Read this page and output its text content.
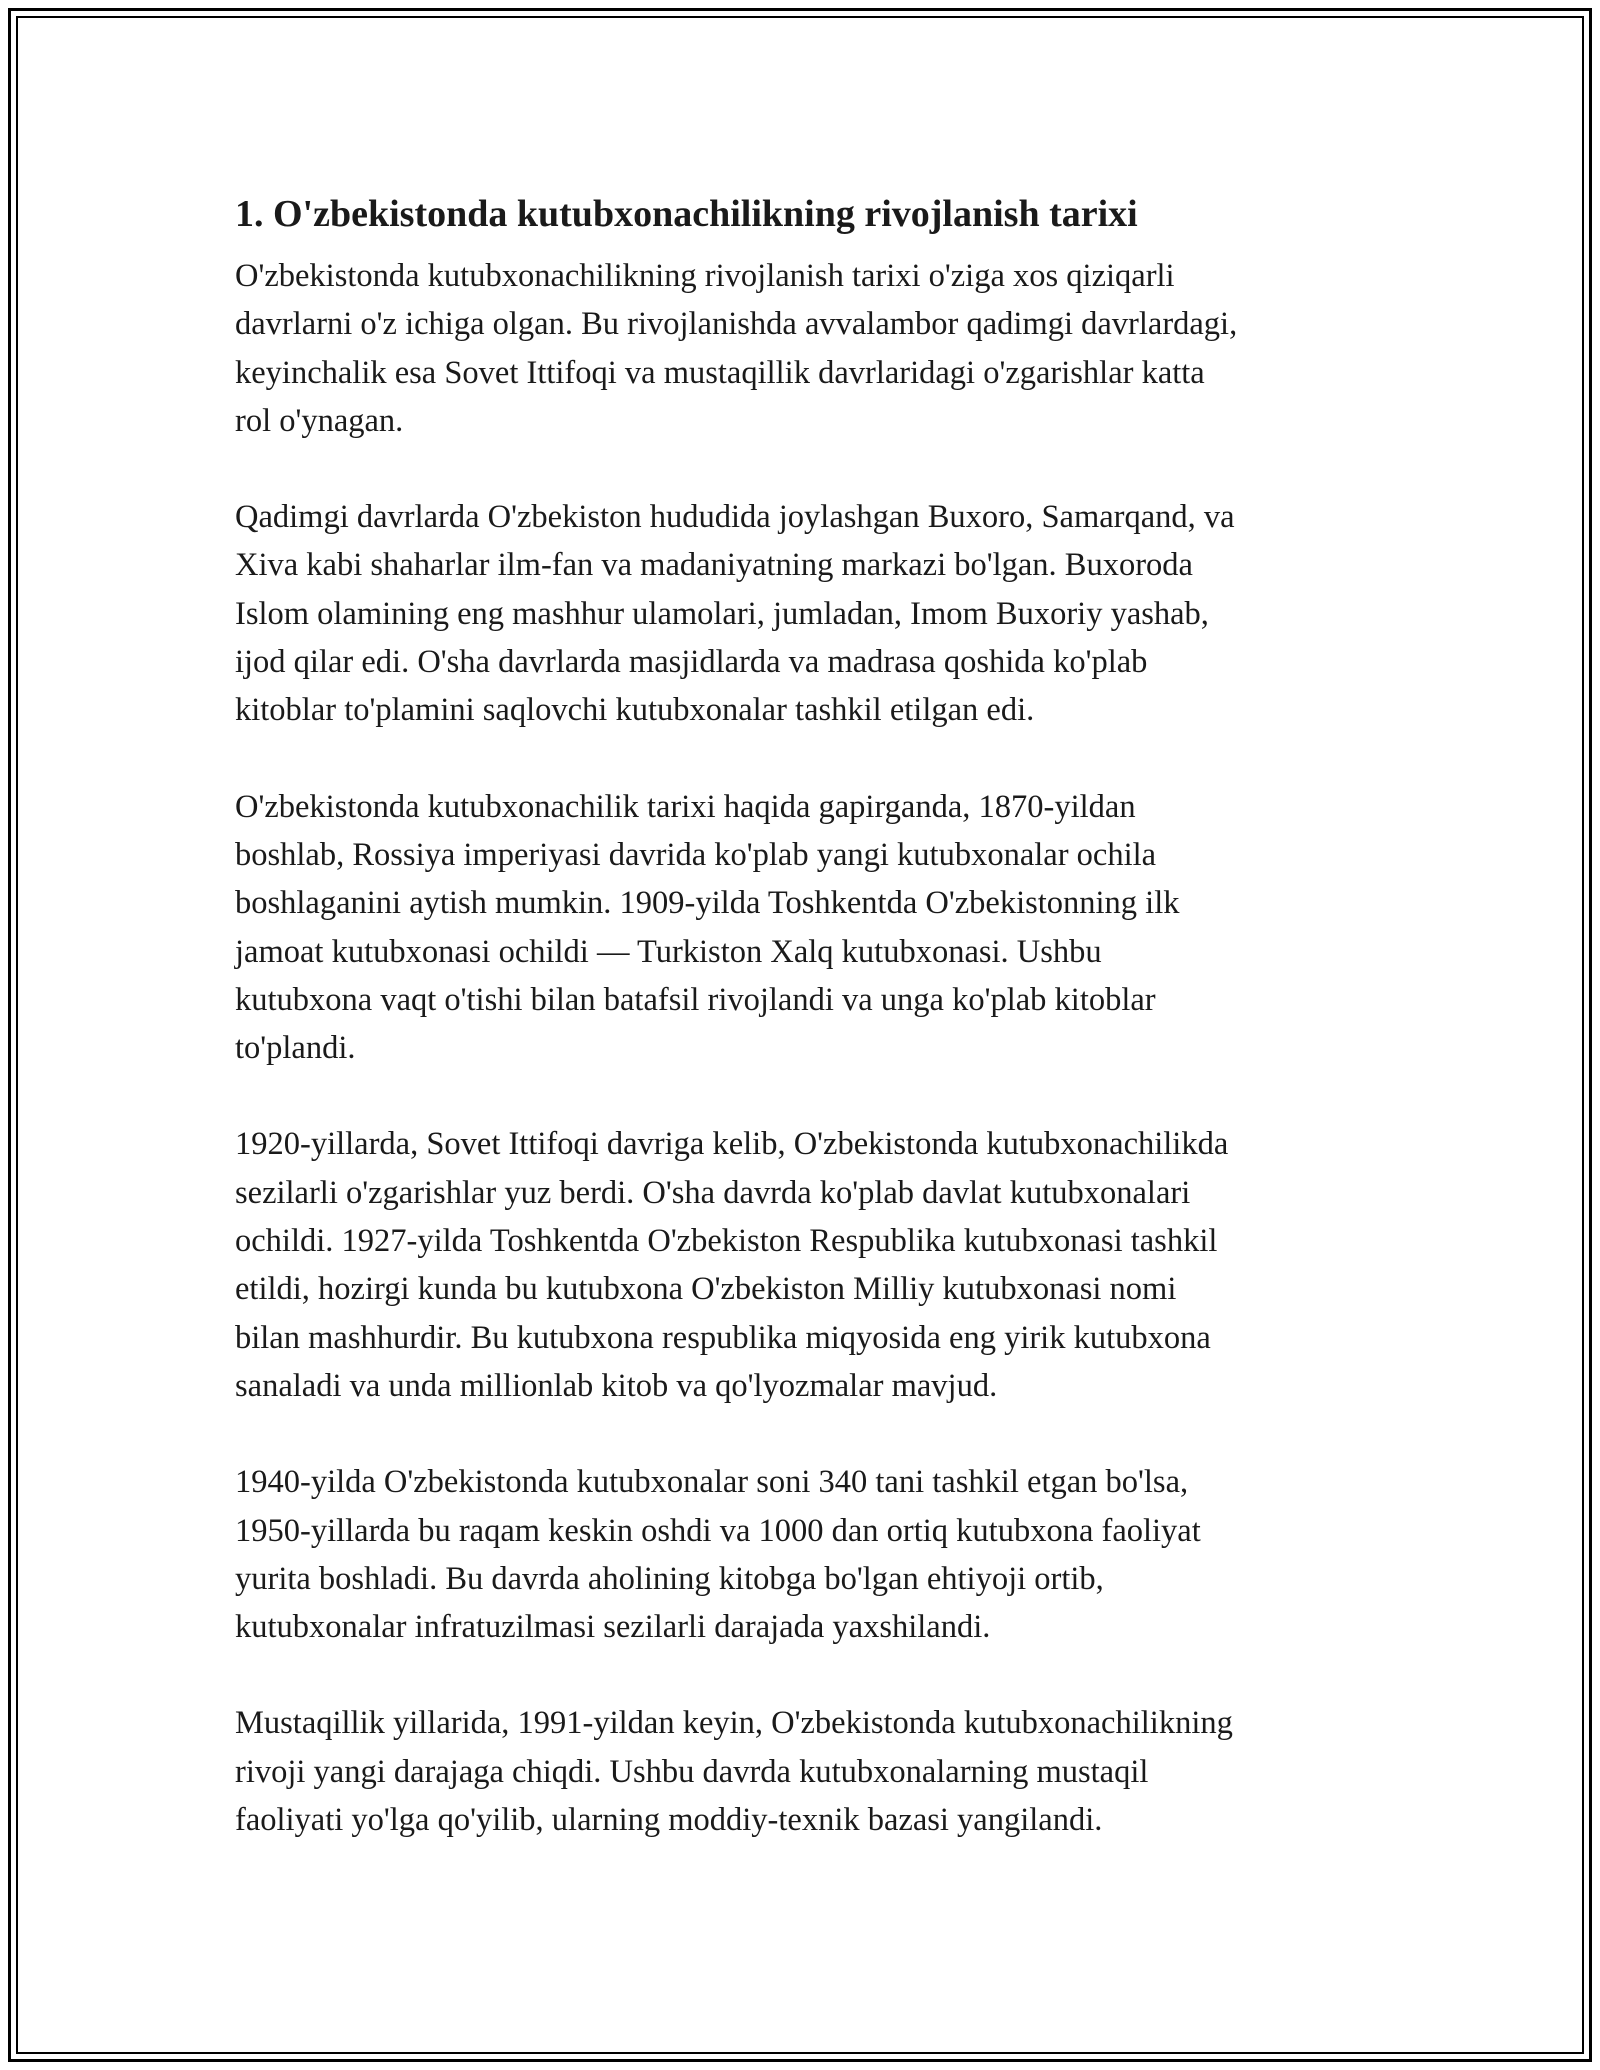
1. O'zbekistonda kutubxonachilikning rivojlanish tarixi

O'zbekistonda kutubxonachilikning rivojlanish tarixi o'ziga xos qiziqarli
davrlarni o'z ichiga olgan. Bu rivojlanishda avvalambor qadimgi davrlardagi,
keyinchalik esa Sovet Ittifoqi va mustaqillik davrlaridagi o'zgarishlar katta
rol o'ynagan.

Qadimgi davrlarda O'zbekiston hududida joylashgan Buxoro, Samarqand, va
Xiva kabi shaharlar ilm-fan va madaniyatning markazi bo'lgan. Buxoroda
Islom olamining eng mashhur ulamolari, jumladan, Imom Buxoriy yashab,
ijod qilar edi. O'sha davrlarda masjidlarda va madrasa qoshida ko'plab
kitoblar to'plamini saqlovchi kutubxonalar tashkil etilgan edi.

O'zbekistonda kutubxonachilik tarixi haqida gapirganda, 1870-yildan
boshlab, Rossiya imperiyasi davrida ko'plab yangi kutubxonalar ochila
boshlaganini aytish mumkin. 1909-yilda Toshkentda O'zbekistonning ilk
jamoat kutubxonasi ochildi — Turkiston Xalq kutubxonasi. Ushbu
kutubxona vaqt o'tishi bilan batafsil rivojlandi va unga ko'plab kitoblar
to'plandi.

1920-yillarda, Sovet Ittifoqi davriga kelib, O'zbekistonda kutubxonachilikda
sezilarli o'zgarishlar yuz berdi. O'sha davrda ko'plab davlat kutubxonalari
ochildi. 1927-yilda Toshkentda O'zbekiston Respublika kutubxonasi tashkil
etildi, hozirgi kunda bu kutubxona O'zbekiston Milliy kutubxonasi nomi
bilan mashhurdir. Bu kutubxona respublika miqyosida eng yirik kutubxona
sanaladi va unda millionlab kitob va qo'lyozmalar mavjud.

1940-yilda O'zbekistonda kutubxonalar soni 340 tani tashkil etgan bo'lsa,
1950-yillarda bu raqam keskin oshdi va 1000 dan ortiq kutubxona faoliyat
yurita boshladi. Bu davrda aholining kitobga bo'lgan ehtiyoji ortib,
kutubxonalar infratuzilmasi sezilarli darajada yaxshilandi.

Mustaqillik yillarida, 1991-yildan keyin, O'zbekistonda kutubxonachilikning
rivoji yangi darajaga chiqdi. Ushbu davrda kutubxonalarning mustaqil
faoliyati yo'lga qo'yilib, ularning moddiy-texnik bazasi yangilandi.
